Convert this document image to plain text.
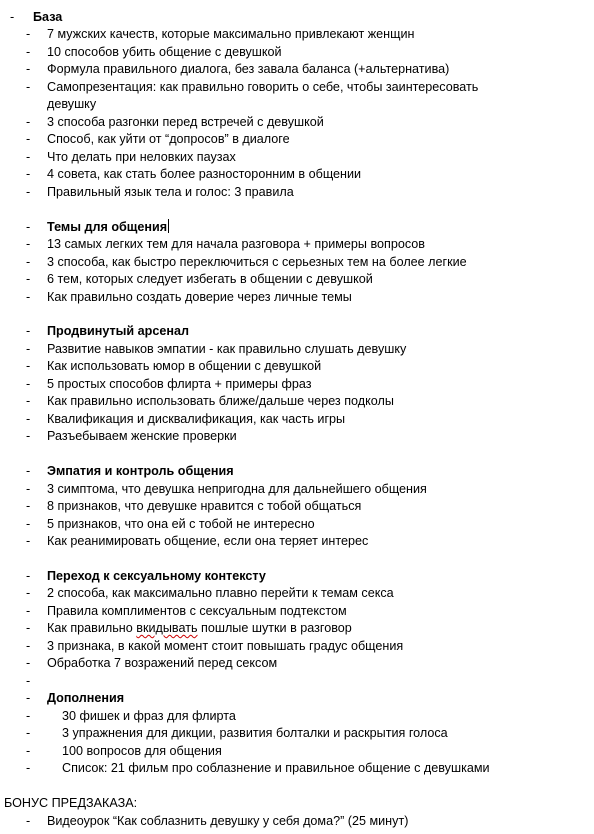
- База
- 7 мужских качеств, которые максимально привлекают женщин
- 10 способов убить общение с девушкой
- Формула правильного диалога, без завала баланса (+альтернатива)
- Самопрезентация: как правильно говорить о себе, чтобы заинтересовать девушку
- 3 способа разгонки перед встречей с девушкой
- Способ, как уйти от “допросов” в диалоге
- Что делать при неловких паузах
- 4 совета, как стать более разносторонним в общении
- Правильный язык тела и голос: 3 правила
- Темы для общения
- 13 самых легких тем для начала разговора + примеры вопросов
- 3 способа, как быстро переключиться с серьезных тем на более легкие
- 6 тем, которых следует избегать в общении с девушкой
- Как правильно создать доверие через личные темы
- Продвинутый арсенал
- Развитие навыков эмпатии - как правильно слушать девушку
- Как использовать юмор в общении с девушкой
- 5 простых способов флирта + примеры фраз
- Как правильно использовать ближе/дальше через подколы
- Квалификация и дисквалификация, как часть игры
- Разъебываем женские проверки
- Эмпатия и контроль общения
- 3 симптома, что девушка непригодна для дальнейшего общения
- 8 признаков, что девушке нравится с тобой общаться
- 5 признаков, что она ей с тобой не интересно
- Как реанимировать общение, если она теряет интерес
- Переход к сексуальному контексту
- 2 способа, как максимально плавно перейти к темам секса
- Правила комплиментов с сексуальным подтекстом
- Как правильно вкидывать пошлые шутки в разговор
- 3 признака, в какой момент стоит повышать градус общения
- Обработка 7 возражений перед сексом
-
- Дополнения
-	30 фишек и фраз для флирта
-	3 упражнения для дикции, развития болталки и раскрытия голоса
-	100 вопросов для общения
-	Список: 21 фильм про соблазнение и правильное общение с девушками
БОНУС ПРЕДЗАКАЗА:
- Видеоурок “Как соблазнить девушку у себя дома?” (25 минут)
